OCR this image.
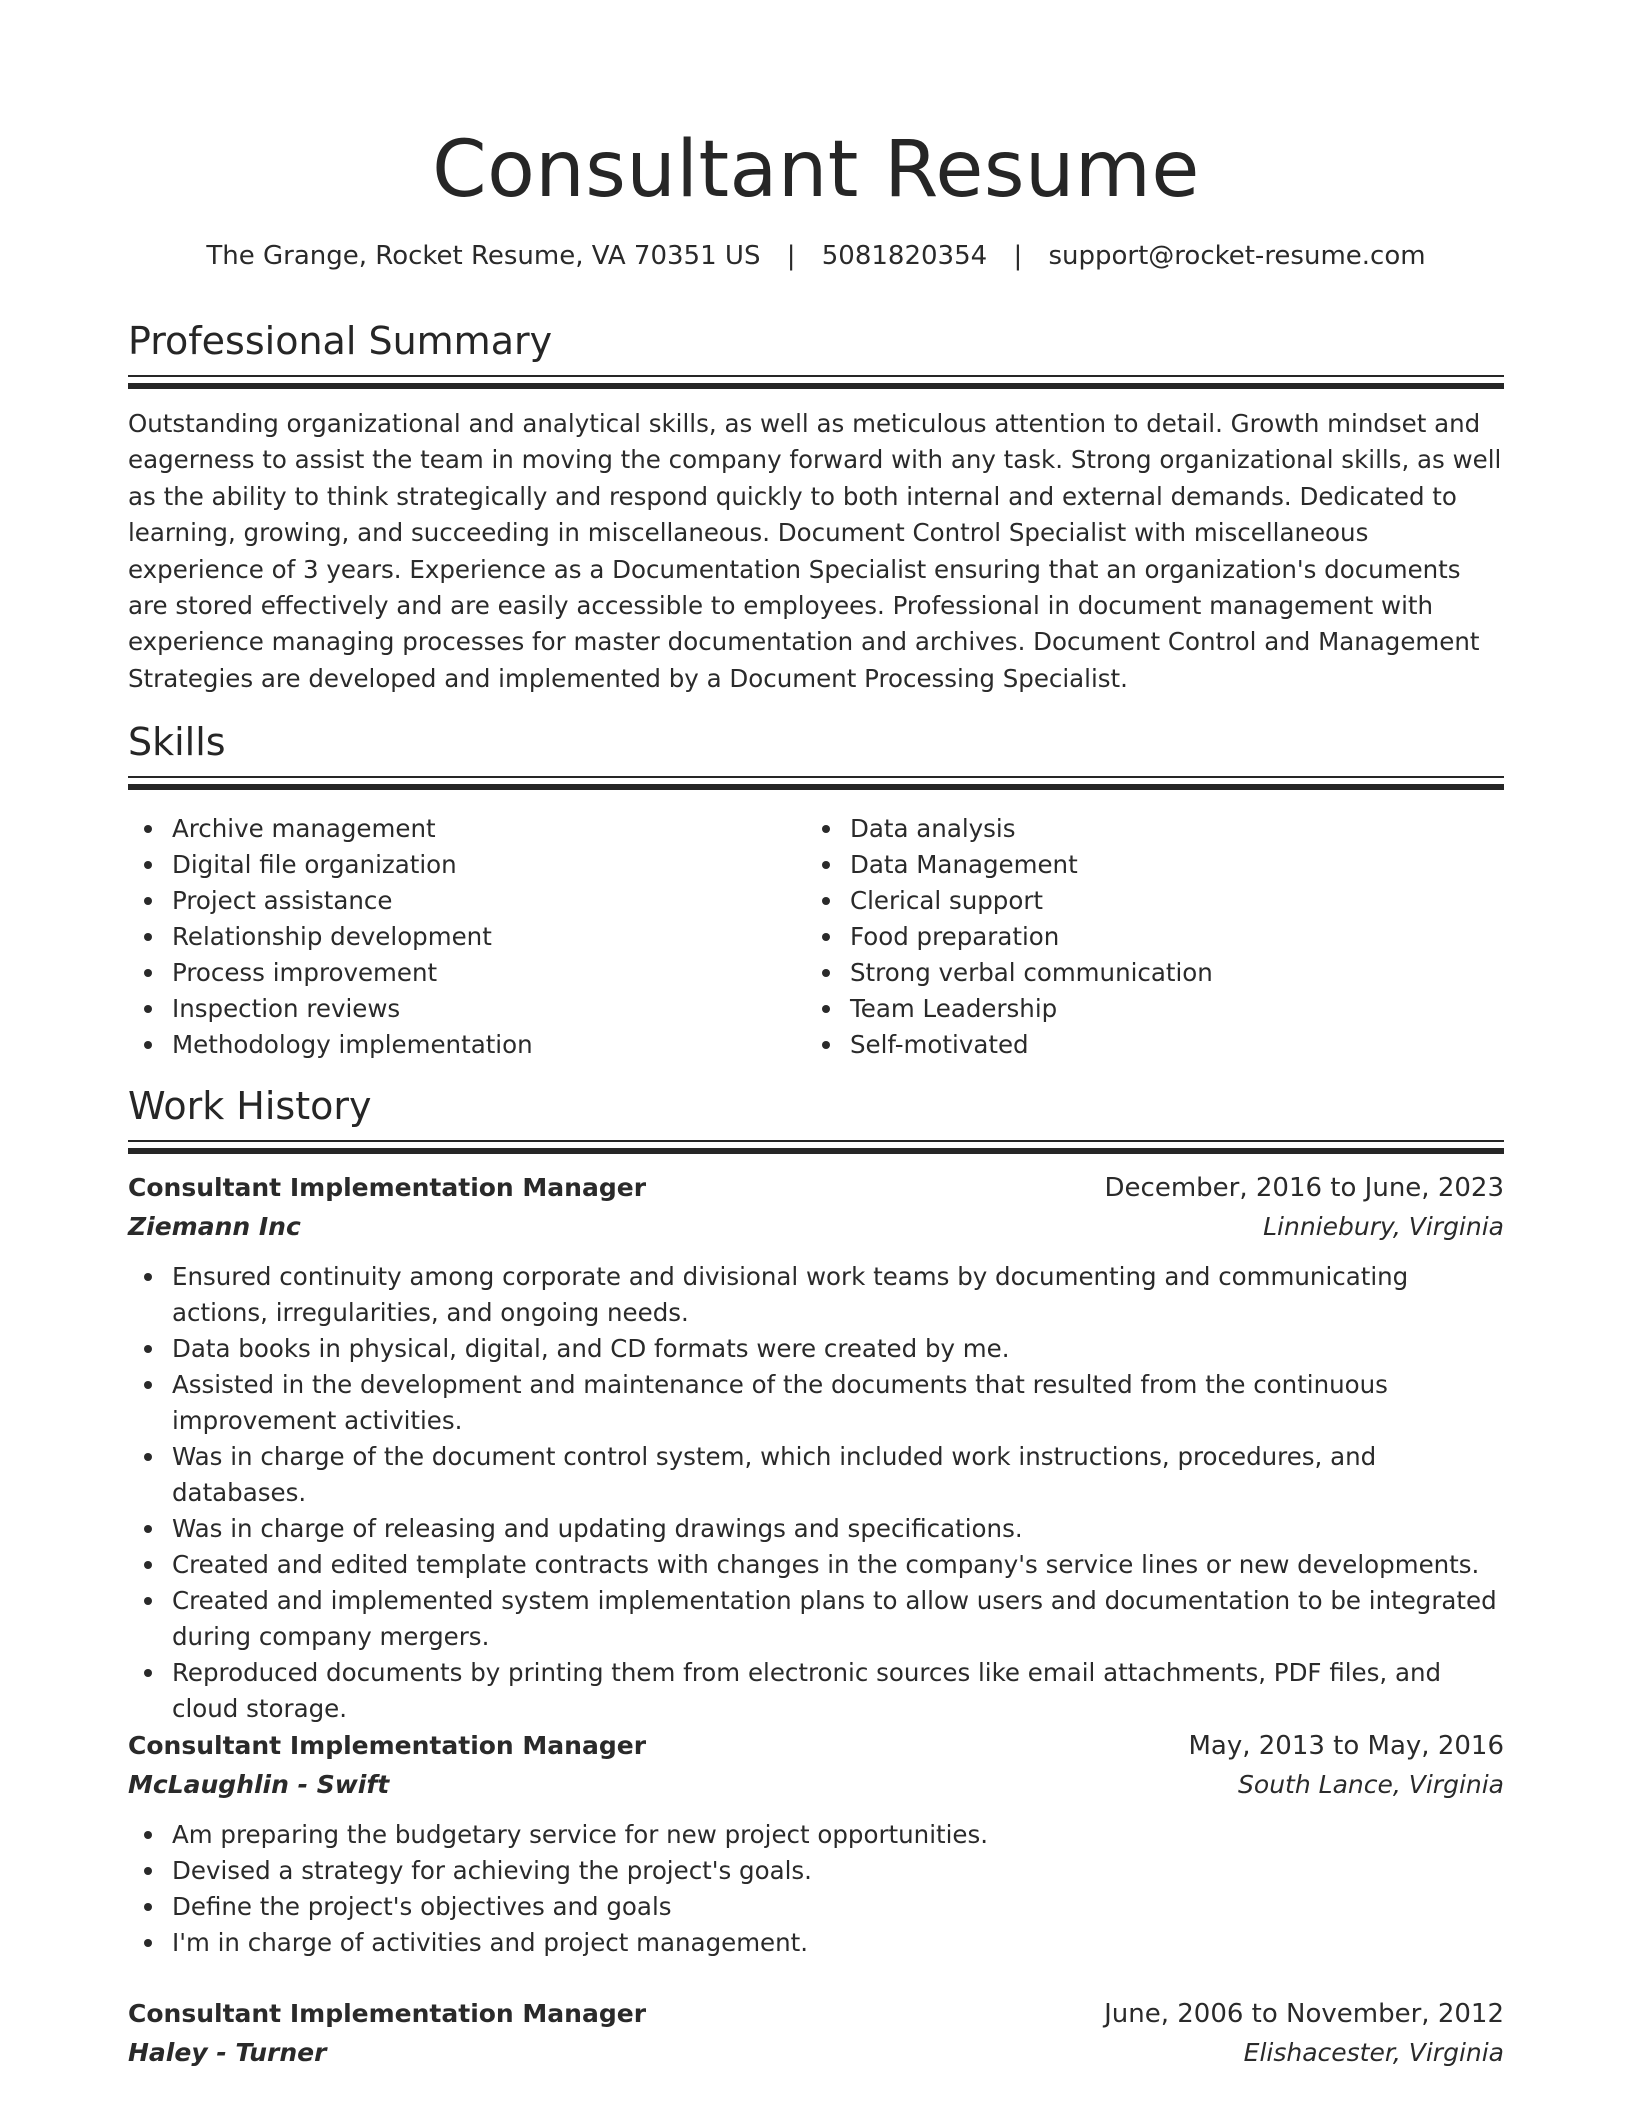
Consultant Resume
The Grange, Rocket Resume, VA 70351 US | 5081820354 | support@rocket-resume.com
Professional Summary

Outstanding organizational and analytical skills, as well as meticulous attention to detail. Growth mindset and eagerness to assist the team in moving the company forward with any task. Strong organizational skills, as well as the ability to think strategically and respond quickly to both internal and external demands. Dedicated to learning, growing, and succeeding in miscellaneous. Document Control Specialist with miscellaneous experience of 3 years. Experience as a Documentation Specialist ensuring that an organization's documents are stored effectively and are easily accessible to employees. Professional in document management with experience managing processes for master documentation and archives. Document Control and Management Strategies are developed and implemented by a Document Processing Specialist.

Skills
Archive management
Digital file organization
Project assistance
Relationship development
Process improvement
Inspection reviews
Methodology implementation
Data analysis
Data Management
Clerical support
Food preparation
Strong verbal communication
Team Leadership
Self-motivated
Work History
Consultant Implementation Manager	December, 2016 to June, 2023
Ziemann Inc	Linniebury, Virginia
Ensured continuity among corporate and divisional work teams by documenting and communicating actions, irregularities, and ongoing needs.
Data books in physical, digital, and CD formats were created by me.
Assisted in the development and maintenance of the documents that resulted from the continuous improvement activities.
Was in charge of the document control system, which included work instructions, procedures, and databases.
Was in charge of releasing and updating drawings and specifications.
Created and edited template contracts with changes in the company's service lines or new developments.
Created and implemented system implementation plans to allow users and documentation to be integrated during company mergers.
Reproduced documents by printing them from electronic sources like email attachments, PDF files, and cloud storage.
Consultant Implementation Manager	May, 2013 to May, 2016
McLaughlin - Swift	South Lance, Virginia
Am preparing the budgetary service for new project opportunities.
Devised a strategy for achieving the project's goals.
Define the project's objectives and goals
I'm in charge of activities and project management.
Consultant Implementation Manager	June, 2006 to November, 2012
Haley - Turner	Elishacester, Virginia
